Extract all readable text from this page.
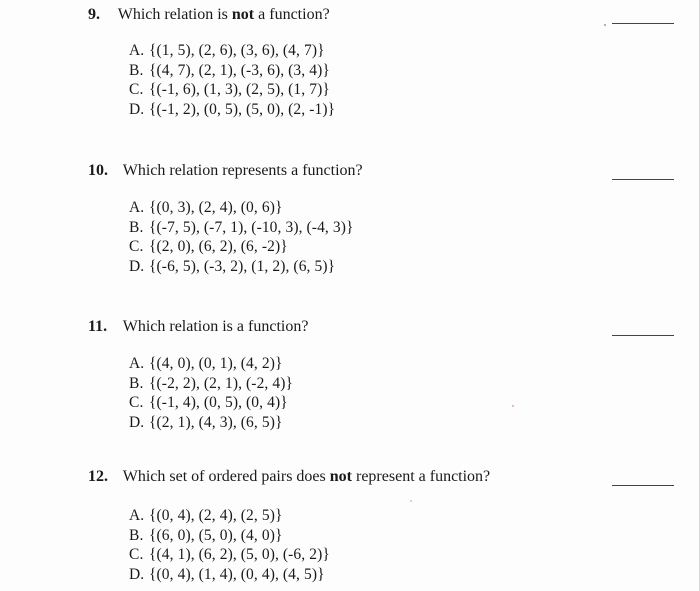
9. Which relation is not a function?
A. {(1, 5), (2, 6), (3, 6), (4, 7)}
B. {(4, 7), (2, 1), (-3, 6), (3, 4)}
C. {(-1, 6), (1, 3), (2, 5), (1, 7)}
D. {(-1, 2), (0, 5), (5, 0), (2, -1)}
10. Which relation represents a function?
A. {(0, 3), (2, 4), (0, 6)}
B. {(-7, 5), (-7, 1), (-10, 3), (-4, 3)}
C. {(2, 0), (6, 2), (6, -2)}
D. {(-6, 5), (-3, 2), (1, 2), (6, 5)}
11. Which relation is a function?
A. {(4, 0), (0, 1), (4, 2)}
B. {(-2, 2), (2, 1), (-2, 4)}
C. {(-1, 4), (0, 5), (0, 4)}
D. {(2, 1), (4, 3), (6, 5)}
12. Which set of ordered pairs does not represent a function?
A. {(0, 4), (2, 4), (2, 5)}
B. {(6, 0), (5, 0), (4, 0)}
C. {(4, 1), (6, 2), (5, 0), (-6, 2)}
D. {(0, 4), (1, 4), (0, 4), (4, 5)}
